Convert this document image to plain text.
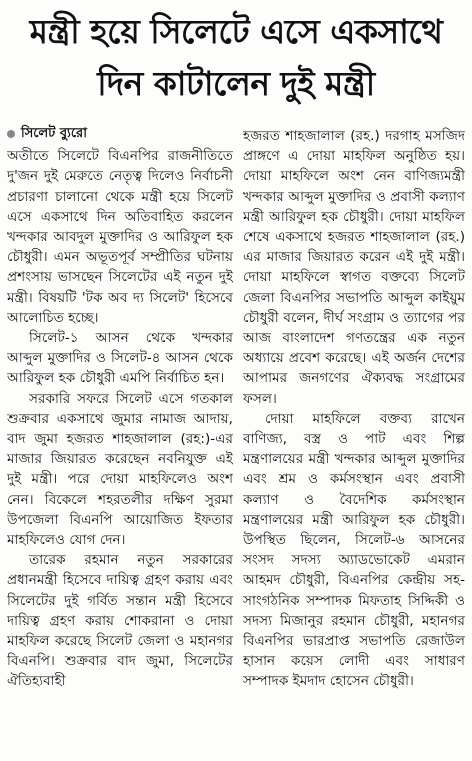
মন্ত্রী হয়ে সিলেটে এসে একসাথে
দিন কাটালেন দুই মন্ত্রী
সিলেট ব্যুরো

অতীতে সিলেটে বিএনপির রাজনীতিতে দু'জন দুই মেরুতে নেতৃত্ব দিলেও নির্বাচনী প্রচারণা চালানো থেকে মন্ত্রী হয়ে সিলেট এসে একসাথে দিন অতিবাহিত করলেন খন্দকার আবদুল মুক্তাদির ও আরিফুল হক চৌধুরী। এমন অভূতপূর্ব সম্প্রীতির ঘটনায় প্রশংসায় ভাসছেন সিলেটের এই নতুন দুই মন্ত্রী। বিষয়টি 'টক অব দ্য সিলেট' হিসেবে আলোচিত হচ্ছে।

সিলেট-১ আসন থেকে খন্দকার আব্দুল মুক্তাদির ও সিলেট-৪ আসন থেকে আরিফুল হক চৌধুরী এমপি নির্বাচিত হন।

সরকারি সফরে সিলেট এসে গতকাল শুক্রবার একসাথে জুমার নামাজ আদায়, বাদ জুমা হজরত শাহজালাল (রহ:)-এর মাজার জিয়ারত করেছেন নবনিযুক্ত এই দুই মন্ত্রী। পরে দোয়া মাহফিলেও অংশ নেন। বিকেলে শহরতলীর দক্ষিণ সুরমা উপজেলা বিএনপি আয়োজিত ইফতার মাহফিলেও যোগ দেন।

তারেক রহমান নতুন সরকারের প্রধানমন্ত্রী হিসেবে দায়িত্ব গ্রহণ করায় এবং সিলেটের দুই গর্বিত সন্তান মন্ত্রী হিসেবে দায়িত্ব গ্রহণ করায় শোকরানা ও দোয়া মাহফিল করেছে সিলেট জেলা ও মহানগর বিএনপি। শুক্রবার বাদ জুমা, সিলেটের ঐতিহ্যবাহী

হজরত শাহজালাল (রহ.) দরগাহ মসজিদ প্রাঙ্গণে এ দোয়া মাহফিল অনুষ্ঠিত হয়। দোয়া মাহফিলে অংশ নেন বাণিজ্যমন্ত্রী খন্দকার আব্দুল মুক্তাদির ও প্রবাসী কল্যাণ মন্ত্রী আরিফুল হক চৌধুরী। দোয়া মাহফিল শেষে একসাথে হজরত শাহজালাল (রহ.) এর মাজার জিয়ারত করেন এই দুই মন্ত্রী। দোয়া মাহফিলে স্বাগত বক্তব্যে সিলেট জেলা বিএনপির সভাপতি আব্দুল কাইয়ুম চৌধুরী বলেন, দীর্ঘ সংগ্রাম ও ত্যাগের পর আজ বাংলাদেশ গণতন্ত্রের এক নতুন অধ্যায়ে প্রবেশ করেছে। এই অর্জন দেশের আপামর জনগণের ঐক্যবদ্ধ সংগ্রামের ফসল।

দোয়া মাহফিলে বক্তব্য রাখেন বাণিজ্য, বস্ত্র ও পাট এবং শিল্প মন্ত্রণালয়ের মন্ত্রী খন্দকার আব্দুল মুক্তাদির এবং শ্রম ও কর্মসংস্থান এবং প্রবাসী কল্যাণ ও বৈদেশিক কর্মসংস্থান মন্ত্রণালয়ের মন্ত্রী আরিফুল হক চৌধুরী। উপস্থিত ছিলেন, সিলেট-৬ আসনের সংসদ সদস্য অ্যাডভোকেট এমরান আহমদ চৌধুরী, বিএনপির কেন্দ্রীয় সহ-সাংগঠনিক সম্পাদক মিফতাহ সিদ্দিকী ও সদস্য মিজানুর রহমান চৌধুরী, মহানগর বিএনপির ভারপ্রাপ্ত সভাপতি রেজাউল হাসান কয়েস লোদী এবং সাধারণ সম্পাদক ইমদাদ হোসেন চৌধুরী।
